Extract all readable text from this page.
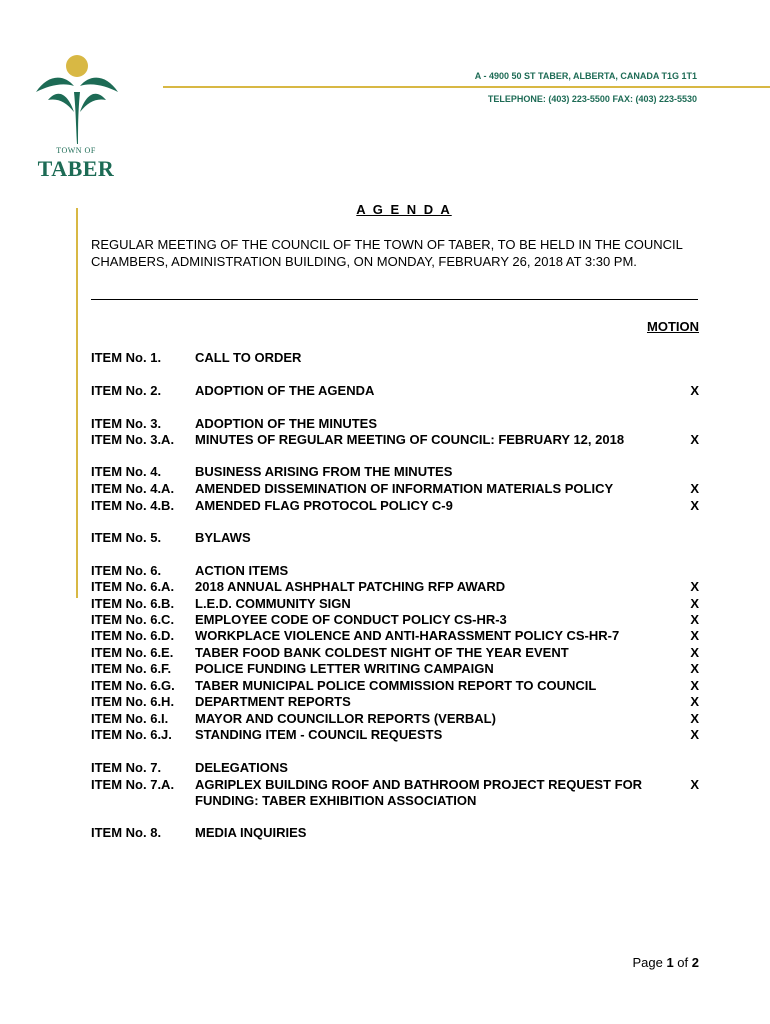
TOWN OF
TABER
A - 4900 50 ST TABER, ALBERTA, CANADA T1G 1T1
TELEPHONE: (403) 223-5500 FAX: (403) 223-5530
A G E N D A
REGULAR MEETING OF THE COUNCIL OF THE TOWN OF TABER, TO BE HELD IN THE COUNCIL CHAMBERS, ADMINISTRATION BUILDING, ON MONDAY, FEBRUARY 26, 2018 AT 3:30 PM.
MOTION
ITEM No. 1.	CALL TO ORDER
ITEM No. 2.	ADOPTION OF THE AGENDA	X
ITEM No. 3.	ADOPTION OF THE MINUTES
ITEM No. 3.A. MINUTES OF REGULAR MEETING OF COUNCIL: FEBRUARY 12, 2018	X
ITEM No. 4.	BUSINESS ARISING FROM THE MINUTES
ITEM No. 4.A. AMENDED DISSEMINATION OF INFORMATION MATERIALS POLICY	X
ITEM No. 4.B. AMENDED FLAG PROTOCOL POLICY C-9	X
ITEM No. 5.	BYLAWS
ITEM No. 6.	ACTION ITEMS
ITEM No. 6.A. 2018 ANNUAL ASHPHALT PATCHING RFP AWARD	X
ITEM No. 6.B. L.E.D. COMMUNITY SIGN	X
ITEM No. 6.C. EMPLOYEE CODE OF CONDUCT POLICY CS-HR-3	X
ITEM No. 6.D. WORKPLACE VIOLENCE AND ANTI-HARASSMENT POLICY CS-HR-7	X
ITEM No. 6.E. TABER FOOD BANK COLDEST NIGHT OF THE YEAR EVENT	X
ITEM No. 6.F. POLICE FUNDING LETTER WRITING CAMPAIGN	X
ITEM No. 6.G. TABER MUNICIPAL POLICE COMMISSION REPORT TO COUNCIL	X
ITEM No. 6.H. DEPARTMENT REPORTS	X
ITEM No. 6.I. MAYOR AND COUNCILLOR REPORTS (VERBAL)	X
ITEM No. 6.J. STANDING ITEM - COUNCIL REQUESTS	X
ITEM No. 7.	DELEGATIONS
ITEM No. 7.A. AGRIPLEX BUILDING ROOF AND BATHROOM PROJECT REQUEST FOR FUNDING: TABER EXHIBITION ASSOCIATION
X
ITEM No. 8.	MEDIA INQUIRIES
Page 1 of 2
